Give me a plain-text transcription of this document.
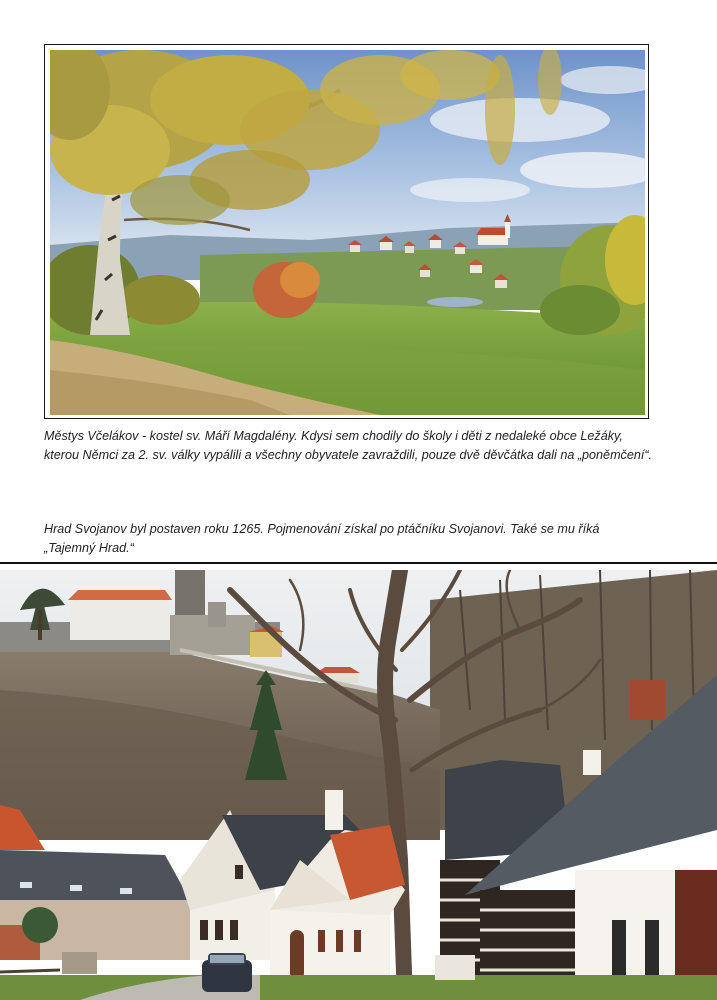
Městys Včelákov - kostel sv. Máří Magdalény. Kdysi sem chodily do školy i děti z nedaleké obce Ležáky, kterou Němci za 2. sv. války vypálili a všechny obyvatele zavraždili, pouze dvě děvčátka dali na „poněmčení“.

Hrad Svojanov byl postaven roku 1265. Pojmenování získal po ptáčníku Svojanovi. Také se mu říká „Tajemný Hrad.“
